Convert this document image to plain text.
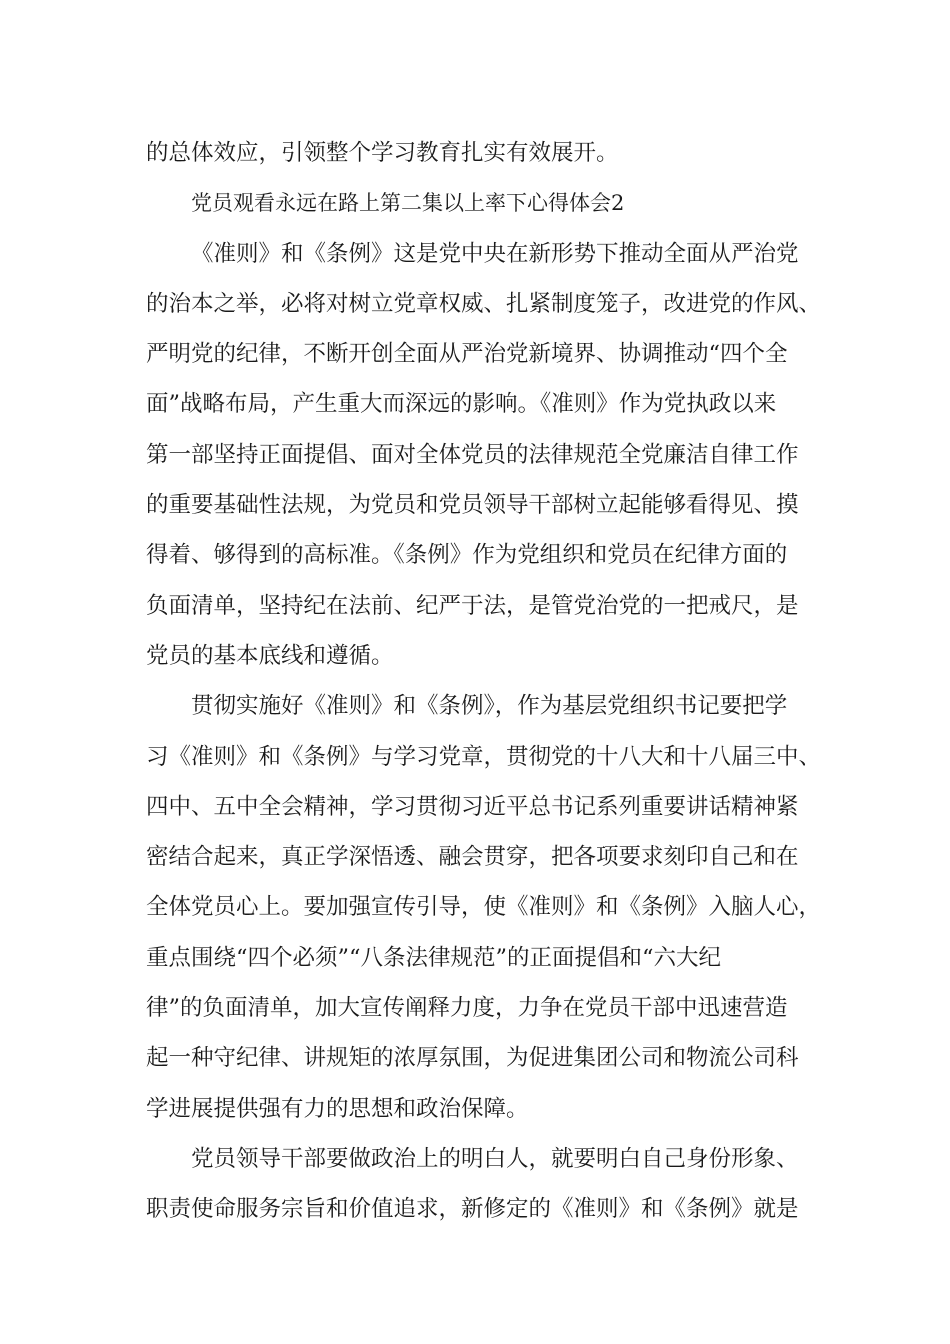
的总体效应，引领整个学习教育扎实有效展开。
党员观看永远在路上第二集以上率下心得体会2
《准则》和《条例》这是党中央在新形势下推动全面从严治党
的治本之举，必将对树立党章权威、扎紧制度笼子，改进党的作风、
严明党的纪律，不断开创全面从严治党新境界、协调推动“四个全
面”战略布局，产生重大而深远的影响。《准则》作为党执政以来
第一部坚持正面提倡、面对全体党员的法律规范全党廉洁自律工作
的重要基础性法规，为党员和党员领导干部树立起能够看得见、摸
得着、够得到的高标准。《条例》作为党组织和党员在纪律方面的
负面清单，坚持纪在法前、纪严于法，是管党治党的一把戒尺，是
党员的基本底线和遵循。
贯彻实施好《准则》和《条例》，作为基层党组织书记要把学
习《准则》和《条例》与学习党章，贯彻党的十八大和十八届三中、
四中、五中全会精神，学习贯彻习近平总书记系列重要讲话精神紧
密结合起来，真正学深悟透、融会贯穿，把各项要求刻印自己和在
全体党员心上。要加强宣传引导，使《准则》和《条例》入脑人心，
重点围绕“四个必须”“八条法律规范”的正面提倡和“六大纪
律”的负面清单，加大宣传阐释力度，力争在党员干部中迅速营造
起一种守纪律、讲规矩的浓厚氛围，为促进集团公司和物流公司科
学进展提供强有力的思想和政治保障。
党员领导干部要做政治上的明白人，就要明白自己身份形象、
职责使命服务宗旨和价值追求，新修定的《准则》和《条例》就是
